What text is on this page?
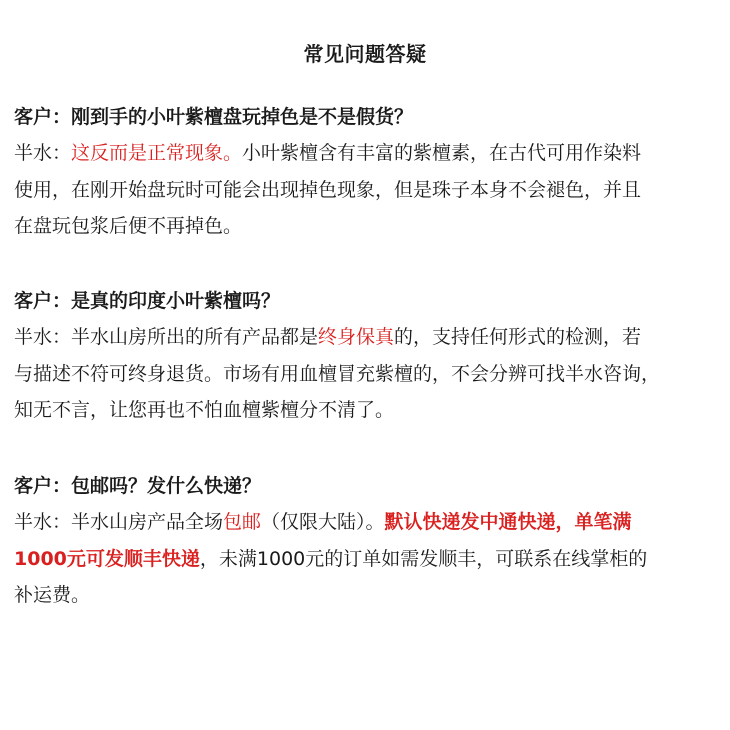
常见问题答疑
客户：刚到手的小叶紫檀盘玩掉色是不是假货？
半水：这反而是正常现象。小叶紫檀含有丰富的紫檀素，在古代可用作染料
使用，在刚开始盘玩时可能会出现掉色现象，但是珠子本身不会褪色，并且
在盘玩包浆后便不再掉色。
客户：是真的印度小叶紫檀吗？
半水：半水山房所出的所有产品都是终身保真的，支持任何形式的检测，若
与描述不符可终身退货。市场有用血檀冒充紫檀的，不会分辨可找半水咨询，
知无不言，让您再也不怕血檀紫檀分不清了。
客户：包邮吗？发什么快递？
半水：半水山房产品全场包邮（仅限大陆）。默认快递发中通快递，单笔满
1000元可发顺丰快递，未满1000元的订单如需发顺丰，可联系在线掌柜的
补运费。
